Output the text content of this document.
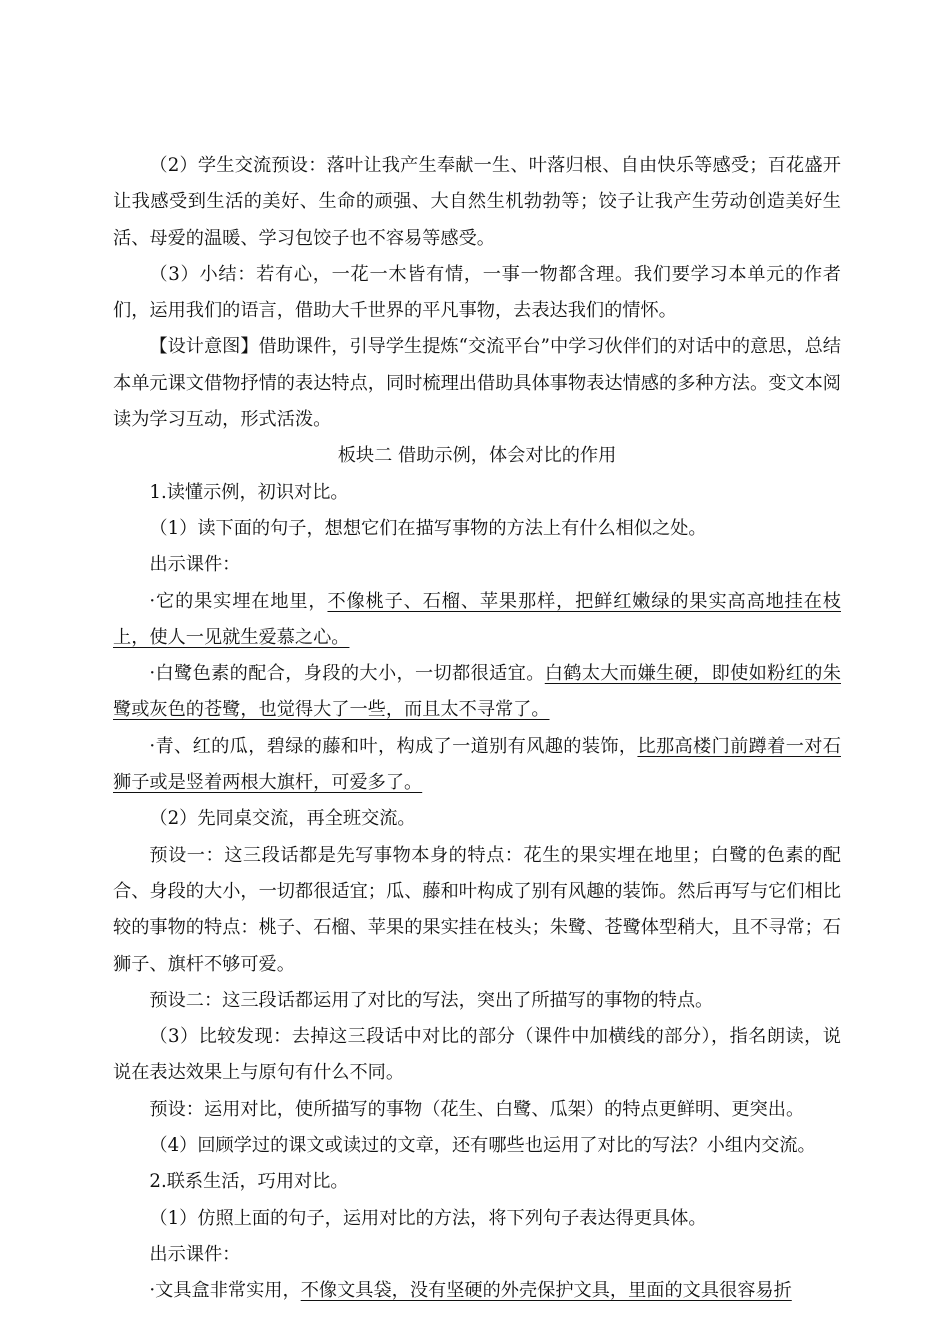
（2）学生交流预设：落叶让我产生奉献一生、叶落归根、自由快乐等感受；百花盛开让我感受到生活的美好、生命的顽强、大自然生机勃勃等；饺子让我产生劳动创造美好生活、母爱的温暖、学习包饺子也不容易等感受。

（3）小结：若有心，一花一木皆有情，一事一物都含理。我们要学习本单元的作者们，运用我们的语言，借助大千世界的平凡事物，去表达我们的情怀。

【设计意图】借助课件，引导学生提炼“交流平台”中学习伙伴们的对话中的意思，总结本单元课文借物抒情的表达特点，同时梳理出借助具体事物表达情感的多种方法。变文本阅读为学习互动，形式活泼。

板块二 借助示例，体会对比的作用

1.读懂示例，初识对比。

（1）读下面的句子，想想它们在描写事物的方法上有什么相似之处。

出示课件：

·它的果实埋在地里，不像桃子、石榴、苹果那样，把鲜红嫩绿的果实高高地挂在枝上，使人一见就生爱慕之心。

·白鹭色素的配合，身段的大小，一切都很适宜。白鹤太大而嫌生硬，即使如粉红的朱鹭或灰色的苍鹭，也觉得大了一些，而且太不寻常了。

·青、红的瓜，碧绿的藤和叶，构成了一道别有风趣的装饰，比那高楼门前蹲着一对石狮子或是竖着两根大旗杆，可爱多了。

（2）先同桌交流，再全班交流。

预设一：这三段话都是先写事物本身的特点：花生的果实埋在地里；白鹭的色素的配合、身段的大小，一切都很适宜；瓜、藤和叶构成了别有风趣的装饰。然后再写与它们相比较的事物的特点：桃子、石榴、苹果的果实挂在枝头；朱鹭、苍鹭体型稍大，且不寻常；石狮子、旗杆不够可爱。

预设二：这三段话都运用了对比的写法，突出了所描写的事物的特点。

（3）比较发现：去掉这三段话中对比的部分（课件中加横线的部分），指名朗读，说说在表达效果上与原句有什么不同。

预设：运用对比，使所描写的事物（花生、白鹭、瓜架）的特点更鲜明、更突出。

（4）回顾学过的课文或读过的文章，还有哪些也运用了对比的写法？小组内交流。

2.联系生活，巧用对比。

（1）仿照上面的句子，运用对比的方法，将下列句子表达得更具体。

出示课件：

·文具盒非常实用，不像文具袋，没有坚硬的外壳保护文具，里面的文具很容易折
